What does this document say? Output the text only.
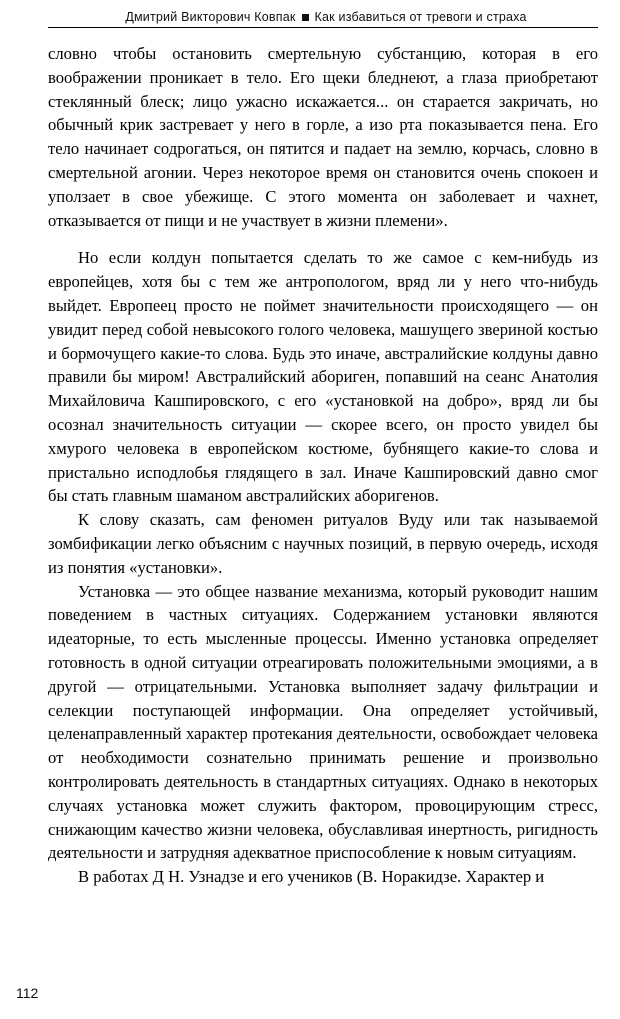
Дмитрий Викторович Ковпак Как избавиться от тревоги и страха

словно чтобы остановить смертельную субстанцию, которая в его воображении проникает в тело. Его щеки бледнеют, а глаза приобретают стеклянный блеск; лицо ужасно искажается... он старается закричать, но обычный крик застревает у него в горле, а изо рта показывается пена. Его тело начинает содрогаться, он пятится и падает на землю, корчась, словно в смертельной агонии. Через некоторое время он становится очень спокоен и уползает в свое убежище. С этого момента он заболевает и чахнет, отказывается от пищи и не участвует в жизни племени».

Но если колдун попытается сделать то же самое с кем-нибудь из европейцев, хотя бы с тем же антропологом, вряд ли у него что-нибудь выйдет. Европеец просто не поймет значительности происходящего — он увидит перед собой невысокого голого человека, машущего звериной костью и бормочущего какие-то слова. Будь это иначе, австралийские колдуны давно правили бы миром! Австралийский абориген, попавший на сеанс Анатолия Михайловича Кашпировского, с его «установкой на добро», вряд ли бы осознал значительность ситуации — скорее всего, он просто увидел бы хмурого человека в европейском костюме, бубнящего какие-то слова и пристально исподлобья глядящего в зал. Иначе Кашпировский давно смог бы стать главным шаманом австралийских аборигенов.

К слову сказать, сам феномен ритуалов Вуду или так называемой зомбификации легко объясним с научных позиций, в первую очередь, исходя из понятия «установки».

Установка — это общее название механизма, который руководит нашим поведением в частных ситуациях. Содержанием установки являются идеаторные, то есть мысленные процессы. Именно установка определяет готовность в одной ситуации отреагировать положительными эмоциями, а в другой — отрицательными. Установка выполняет задачу фильтрации и селекции поступающей информации. Она определяет устойчивый, целенаправленный характер протекания деятельности, освобождает человека от необходимости сознательно принимать решение и произвольно контролировать деятельность в стандартных ситуациях. Однако в некоторых случаях установка может служить фактором, провоцирующим стресс, снижающим качество жизни человека, обуславливая инертность, ригидность деятельности и затрудняя адекватное приспособление к новым ситуациям.

В работах Д Н. Узнадзе и его учеников (В. Норакидзе. Характер и

112
